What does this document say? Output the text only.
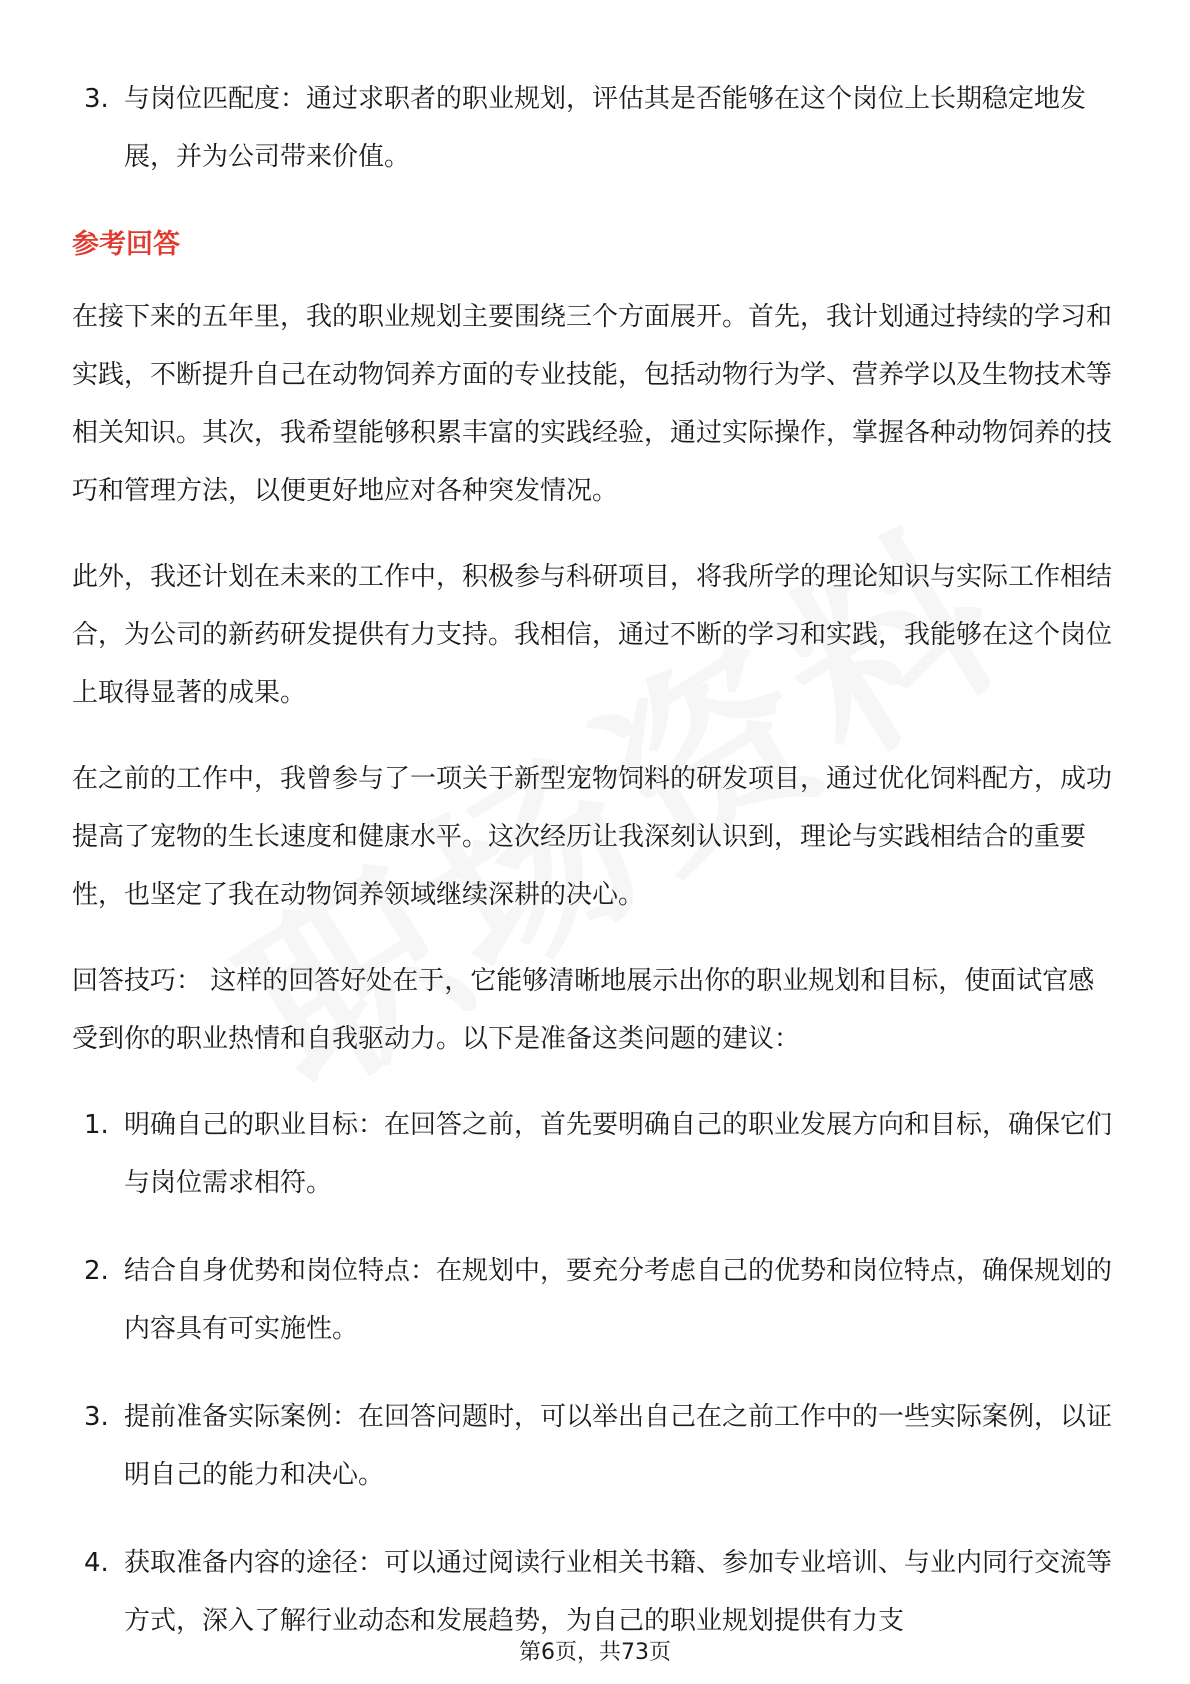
3. 与岗位匹配度：通过求职者的职业规划，评估其是否能够在这个岗位上长期稳定地发展，并为公司带来价值。
参考回答

在接下来的五年里，我的职业规划主要围绕三个方面展开。首先，我计划通过持续的学习和实践，不断提升自己在动物饲养方面的专业技能，包括动物行为学、营养学以及生物技术等相关知识。其次，我希望能够积累丰富的实践经验，通过实际操作，掌握各种动物饲养的技巧和管理方法，以便更好地应对各种突发情况。

此外，我还计划在未来的工作中，积极参与科研项目，将我所学的理论知识与实际工作相结合，为公司的新药研发提供有力支持。我相信，通过不断的学习和实践，我能够在这个岗位上取得显著的成果。

在之前的工作中，我曾参与了一项关于新型宠物饲料的研发项目，通过优化饲料配方，成功提高了宠物的生长速度和健康水平。这次经历让我深刻认识到，理论与实践相结合的重要性，也坚定了我在动物饲养领域继续深耕的决心。

回答技巧： 这样的回答好处在于，它能够清晰地展示出你的职业规划和目标，使面试官感受到你的职业热情和自我驱动力。以下是准备这类问题的建议：

1. 明确自己的职业目标：在回答之前，首先要明确自己的职业发展方向和目标，确保它们与岗位需求相符。
2. 结合自身优势和岗位特点：在规划中，要充分考虑自己的优势和岗位特点，确保规划的内容具有可实施性。
3. 提前准备实际案例：在回答问题时，可以举出自己在之前工作中的一些实际案例，以证明自己的能力和决心。
4. 获取准备内容的途径：可以通过阅读行业相关书籍、参加专业培训、与业内同行交流等方式，深入了解行业动态和发展趋势，为自己的职业规划提供有力支
第6页，共73页
